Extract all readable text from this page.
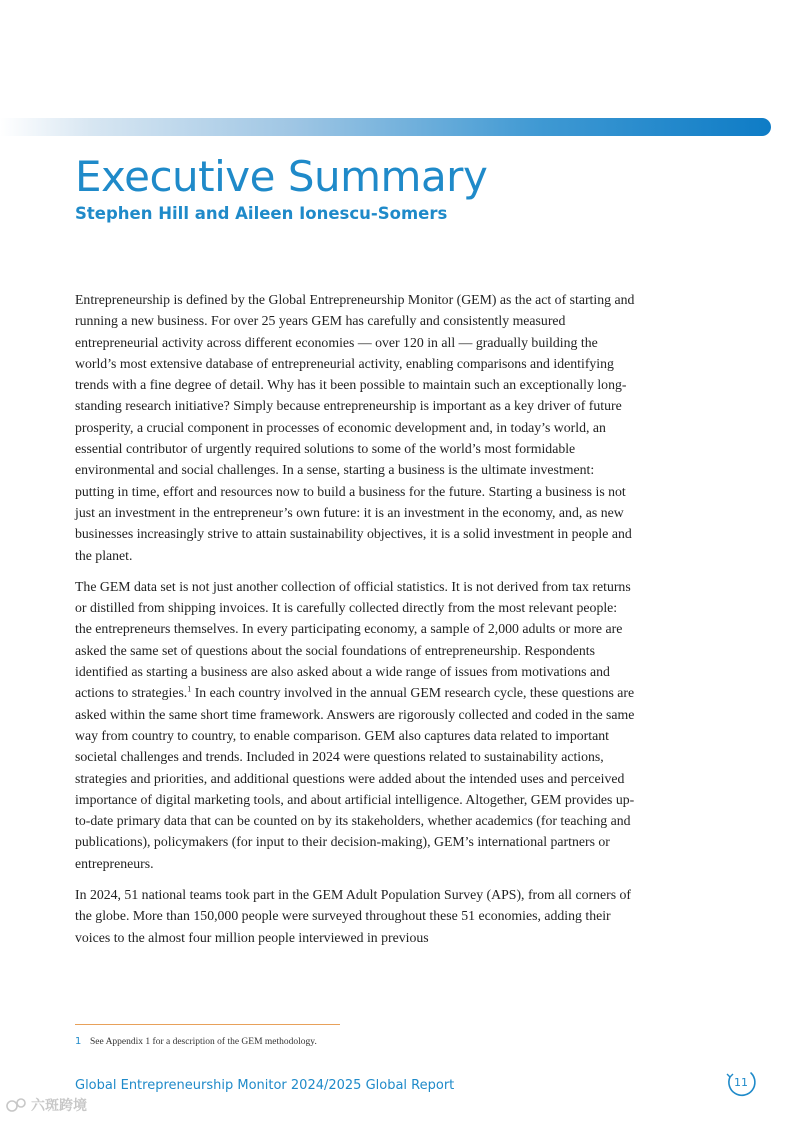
Executive Summary
Stephen Hill and Aileen Ionescu-Somers

Entrepreneurship is defined by the Global Entrepreneurship Monitor (GEM) as the act of starting and running a new business. For over 25 years GEM has carefully and consistently measured entrepreneurial activity across different economies — over 120 in all — gradually building the world’s most extensive database of entrepreneurial activity, enabling comparisons and identifying trends with a fine degree of detail. Why has it been possible to maintain such an exceptionally long-standing research initiative? Simply because entrepreneurship is important as a key driver of future prosperity, a crucial component in processes of economic development and, in today’s world, an essential contributor of urgently required solutions to some of the world’s most formidable environmental and social challenges. In a sense, starting a business is the ultimate investment: putting in time, effort and resources now to build a business for the future. Starting a business is not just an investment in the entrepreneur’s own future: it is an investment in the economy, and, as new businesses increasingly strive to attain sustainability objectives, it is a solid investment in people and the planet.

The GEM data set is not just another collection of official statistics. It is not derived from tax returns or distilled from shipping invoices. It is carefully collected directly from the most relevant people: the entrepreneurs themselves. In every participating economy, a sample of 2,000 adults or more are asked the same set of questions about the social foundations of entrepreneurship. Respondents identified as starting a business are also asked about a wide range of issues from motivations and actions to strategies.$^1$ In each country involved in the annual GEM research cycle, these questions are asked within the same short time framework. Answers are rigorously collected and coded in the same way from country to country, to enable comparison. GEM also captures data related to important societal challenges and trends. Included in 2024 were questions related to sustainability actions, strategies and priorities, and additional questions were added about the intended uses and perceived importance of digital marketing tools, and about artificial intelligence. Altogether, GEM provides up-to-date primary data that can be counted on by its stakeholders, whether academics (for teaching and publications), policymakers (for input to their decision-making), GEM’s international partners or entrepreneurs.

In 2024, 51 national teams took part in the GEM Adult Population Survey (APS), from all corners of the globe. More than 150,000 people were surveyed throughout these 51 economies, adding their voices to the almost four million people interviewed in previous

1 See Appendix 1 for a description of the GEM methodology.
Global Entrepreneurship Monitor 2024/2025 Global Report	11
六斑跨境
